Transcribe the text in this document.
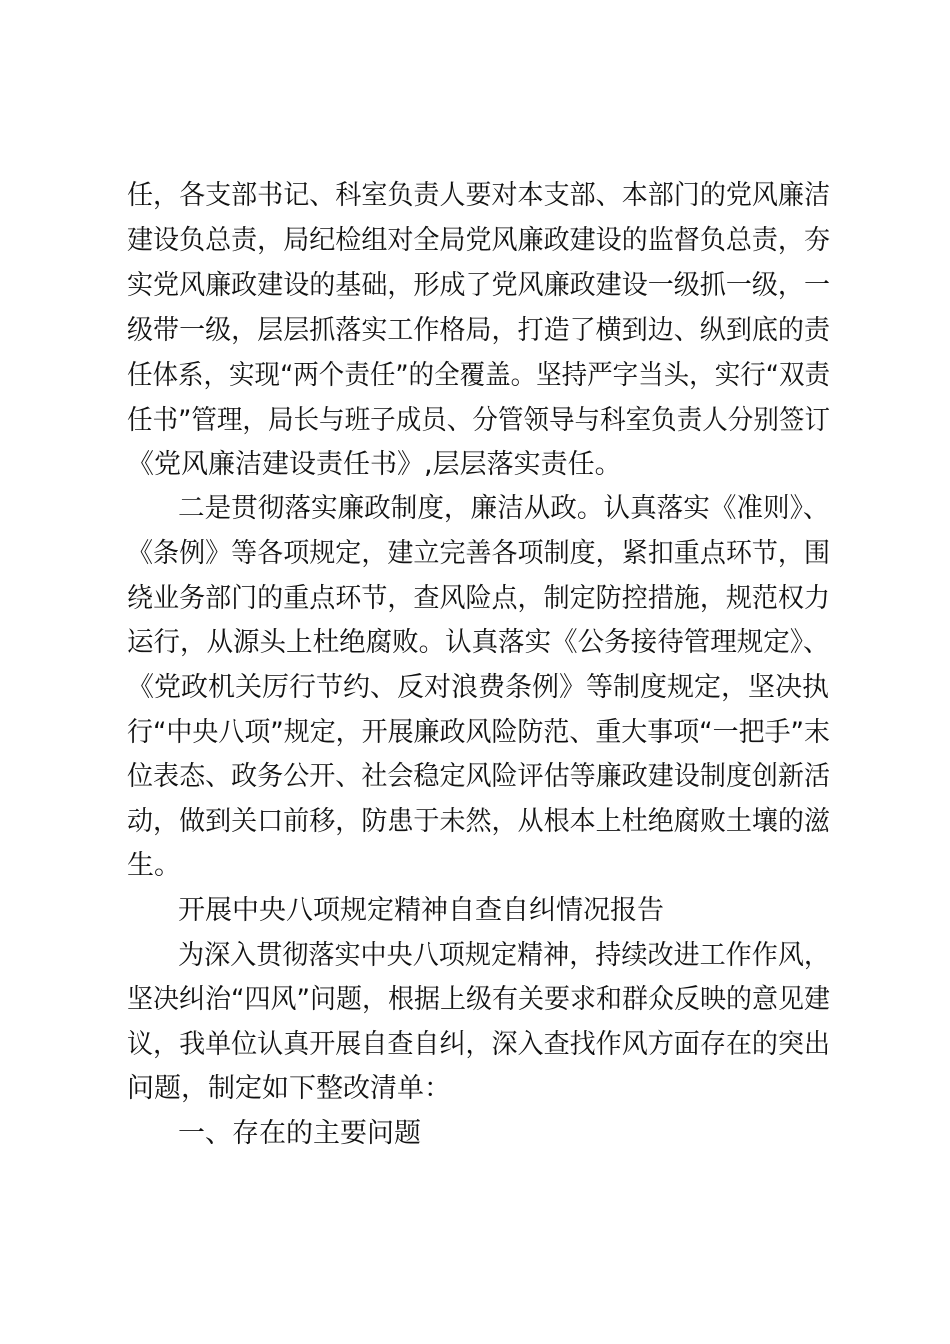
任，各支部书记、科室负责人要对本支部、本部门的党风廉洁
建设负总责，局纪检组对全局党风廉政建设的监督负总责，夯
实党风廉政建设的基础，形成了党风廉政建设一级抓一级，一
级带一级，层层抓落实工作格局，打造了横到边、纵到底的责
任体系，实现“两个责任”的全覆盖。坚持严字当头，实行“双责
任书”管理，局长与班子成员、分管领导与科室负责人分别签订
《党风廉洁建设责任书》,层层落实责任。
二是贯彻落实廉政制度，廉洁从政。认真落实《准则》、
《条例》等各项规定，建立完善各项制度，紧扣重点环节，围
绕业务部门的重点环节，查风险点，制定防控措施，规范权力
运行，从源头上杜绝腐败。认真落实《公务接待管理规定》、
《党政机关厉行节约、反对浪费条例》等制度规定，坚决执
行“中央八项”规定，开展廉政风险防范、重大事项“一把手”末
位表态、政务公开、社会稳定风险评估等廉政建设制度创新活
动，做到关口前移，防患于未然，从根本上杜绝腐败土壤的滋
生。
开展中央八项规定精神自查自纠情况报告
为深入贯彻落实中央八项规定精神，持续改进工作作风，
坚决纠治“四风”问题，根据上级有关要求和群众反映的意见建
议，我单位认真开展自查自纠，深入查找作风方面存在的突出
问题，制定如下整改清单：
一、存在的主要问题
